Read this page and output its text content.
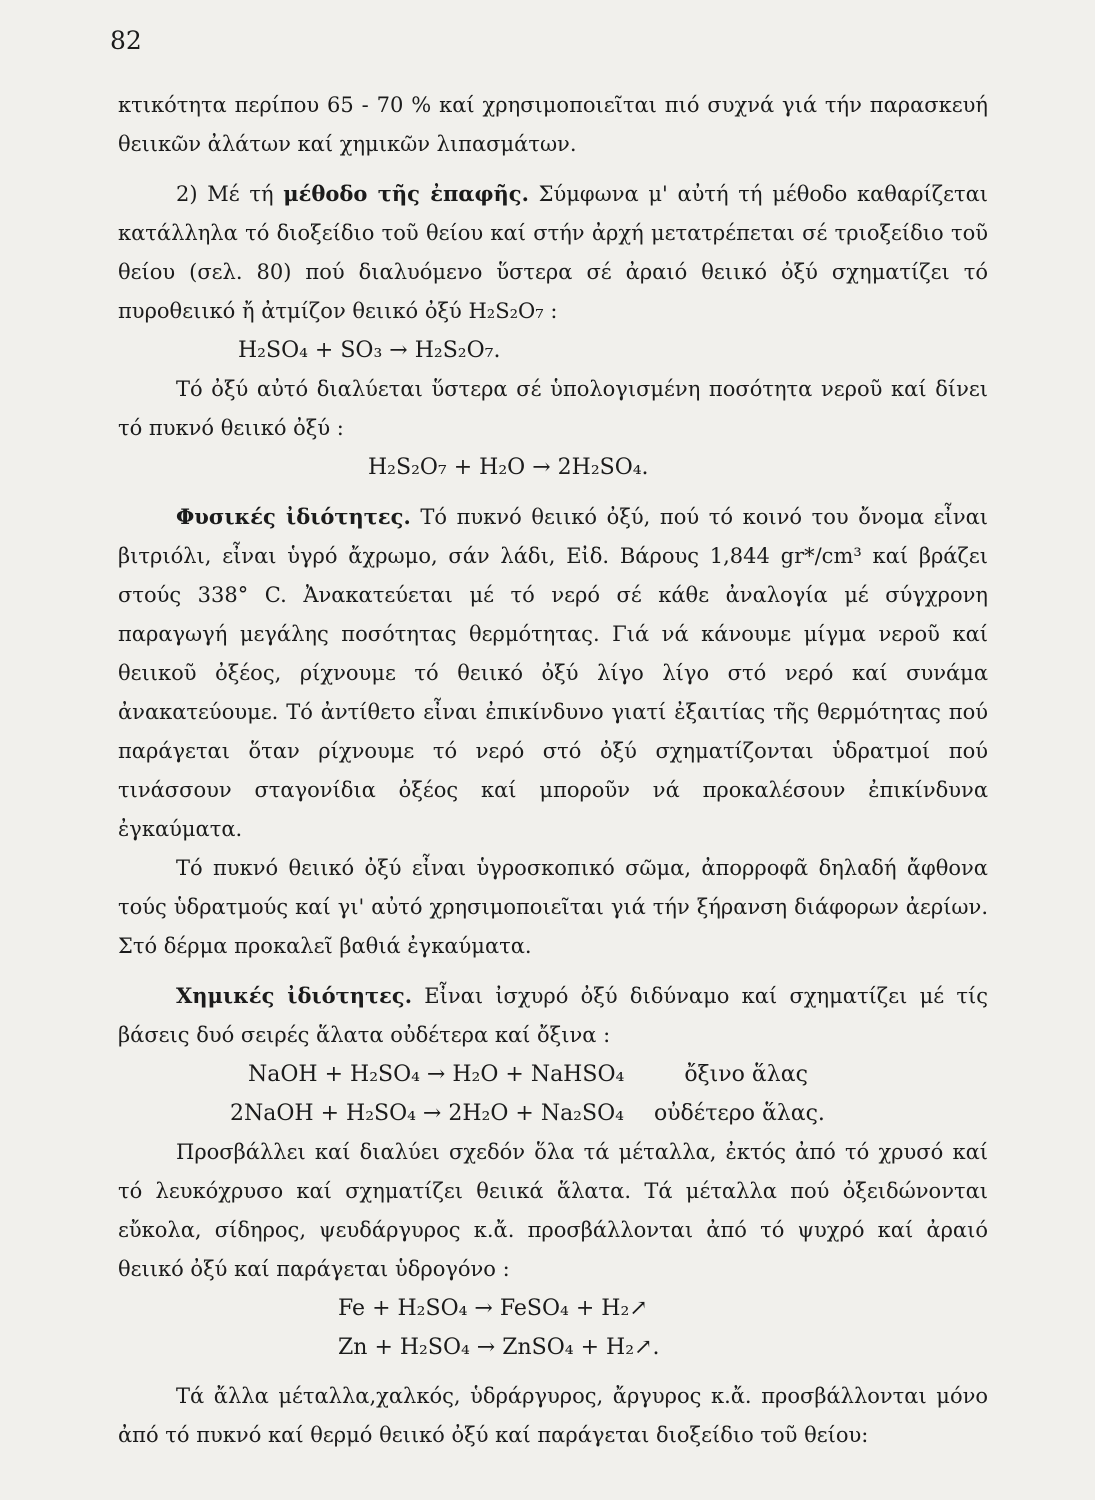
82

κτικότητα περίπου 65 - 70 % καί χρησιμοποιεῖται πιό συχνά γιά τήν παρασκευή θειικῶν ἀλάτων καί χημικῶν λιπασμάτων.

2) Μέ τή μέθοδο τῆς ἐπαφῆς. Σύμφωνα μ' αὐτή τή μέθοδο καθαρίζεται κατάλληλα τό διοξείδιο τοῦ θείου καί στήν ἀρχή μετατρέπεται σέ τριοξείδιο τοῦ θείου (σελ. 80) πού διαλυόμενο ὕστερα σέ ἀραιό θειικό ὀξύ σχηματίζει τό πυροθειικό ἤ ἀτμίζον θειικό ὀξύ H₂S₂O₇ :

H₂SO₄ + SO₃ → H₂S₂O₇.

Τό ὀξύ αὐτό διαλύεται ὕστερα σέ ὑπολογισμένη ποσότητα νεροῦ καί δίνει τό πυκνό θειικό ὀξύ :

H₂S₂O₇ + H₂O → 2H₂SO₄.

Φυσικές ἰδιότητες. Τό πυκνό θειικό ὀξύ, πού τό κοινό του ὄνομα εἶναι βιτριόλι, εἶναι ὑγρό ἄχρωμο, σάν λάδι, Εἰδ. Βάρους 1,844 gr*/cm³ καί βράζει στούς 338° C. Ἀνακατεύεται μέ τό νερό σέ κάθε ἀναλογία μέ σύγχρονη παραγωγή μεγάλης ποσότητας θερμότητας. Γιά νά κάνουμε μίγμα νεροῦ καί θειικοῦ ὀξέος, ρίχνουμε τό θειικό ὀξύ λίγο λίγο στό νερό καί συνάμα ἀνακατεύουμε. Τό ἀντίθετο εἶναι ἐπικίνδυνο γιατί ἐξαιτίας τῆς θερμότητας πού παράγεται ὅταν ρίχνουμε τό νερό στό ὀξύ σχηματίζονται ὑδρατμοί πού τινάσσουν σταγονίδια ὀξέος καί μποροῦν νά προκαλέσουν ἐπικίνδυνα ἐγκαύματα.

Τό πυκνό θειικό ὀξύ εἶναι ὑγροσκοπικό σῶμα, ἀπορροφᾶ δηλαδή ἄφθονα τούς ὑδρατμούς καί γι' αὐτό χρησιμοποιεῖται γιά τήν ξήρανση διάφορων ἀερίων. Στό δέρμα προκαλεῖ βαθιά ἐγκαύματα.

Χημικές ἰδιότητες. Εἶναι ἰσχυρό ὀξύ διδύναμο καί σχηματίζει μέ τίς βάσεις δυό σειρές ἅλατα οὐδέτερα καί ὄξινα :

NaOH + H₂SO₄ → H₂O + NaHSO₄	ὄξινο ἅλας
2NaOH + H₂SO₄ → 2H₂O + Na₂SO₄ οὐδέτερο ἅλας.

Προσβάλλει καί διαλύει σχεδόν ὅλα τά μέταλλα, ἐκτός ἀπό τό χρυσό καί τό λευκόχρυσο καί σχηματίζει θειικά ἅλατα. Τά μέταλλα πού ὀξειδώνονται εὔκολα, σίδηρος, ψευδάργυρος κ.ἄ. προσβάλλονται ἀπό τό ψυχρό καί ἀραιό θειικό ὀξύ καί παράγεται ὑδρογόνο :

Fe + H₂SO₄ → FeSO₄ + H₂↗
Zn + H₂SO₄ → ZnSO₄ + H₂↗.

Τά ἄλλα μέταλλα,χαλκός, ὑδράργυρος, ἄργυρος κ.ἄ. προσβάλλονται μόνο ἀπό τό πυκνό καί θερμό θειικό ὀξύ καί παράγεται διοξείδιο τοῦ θείου:
